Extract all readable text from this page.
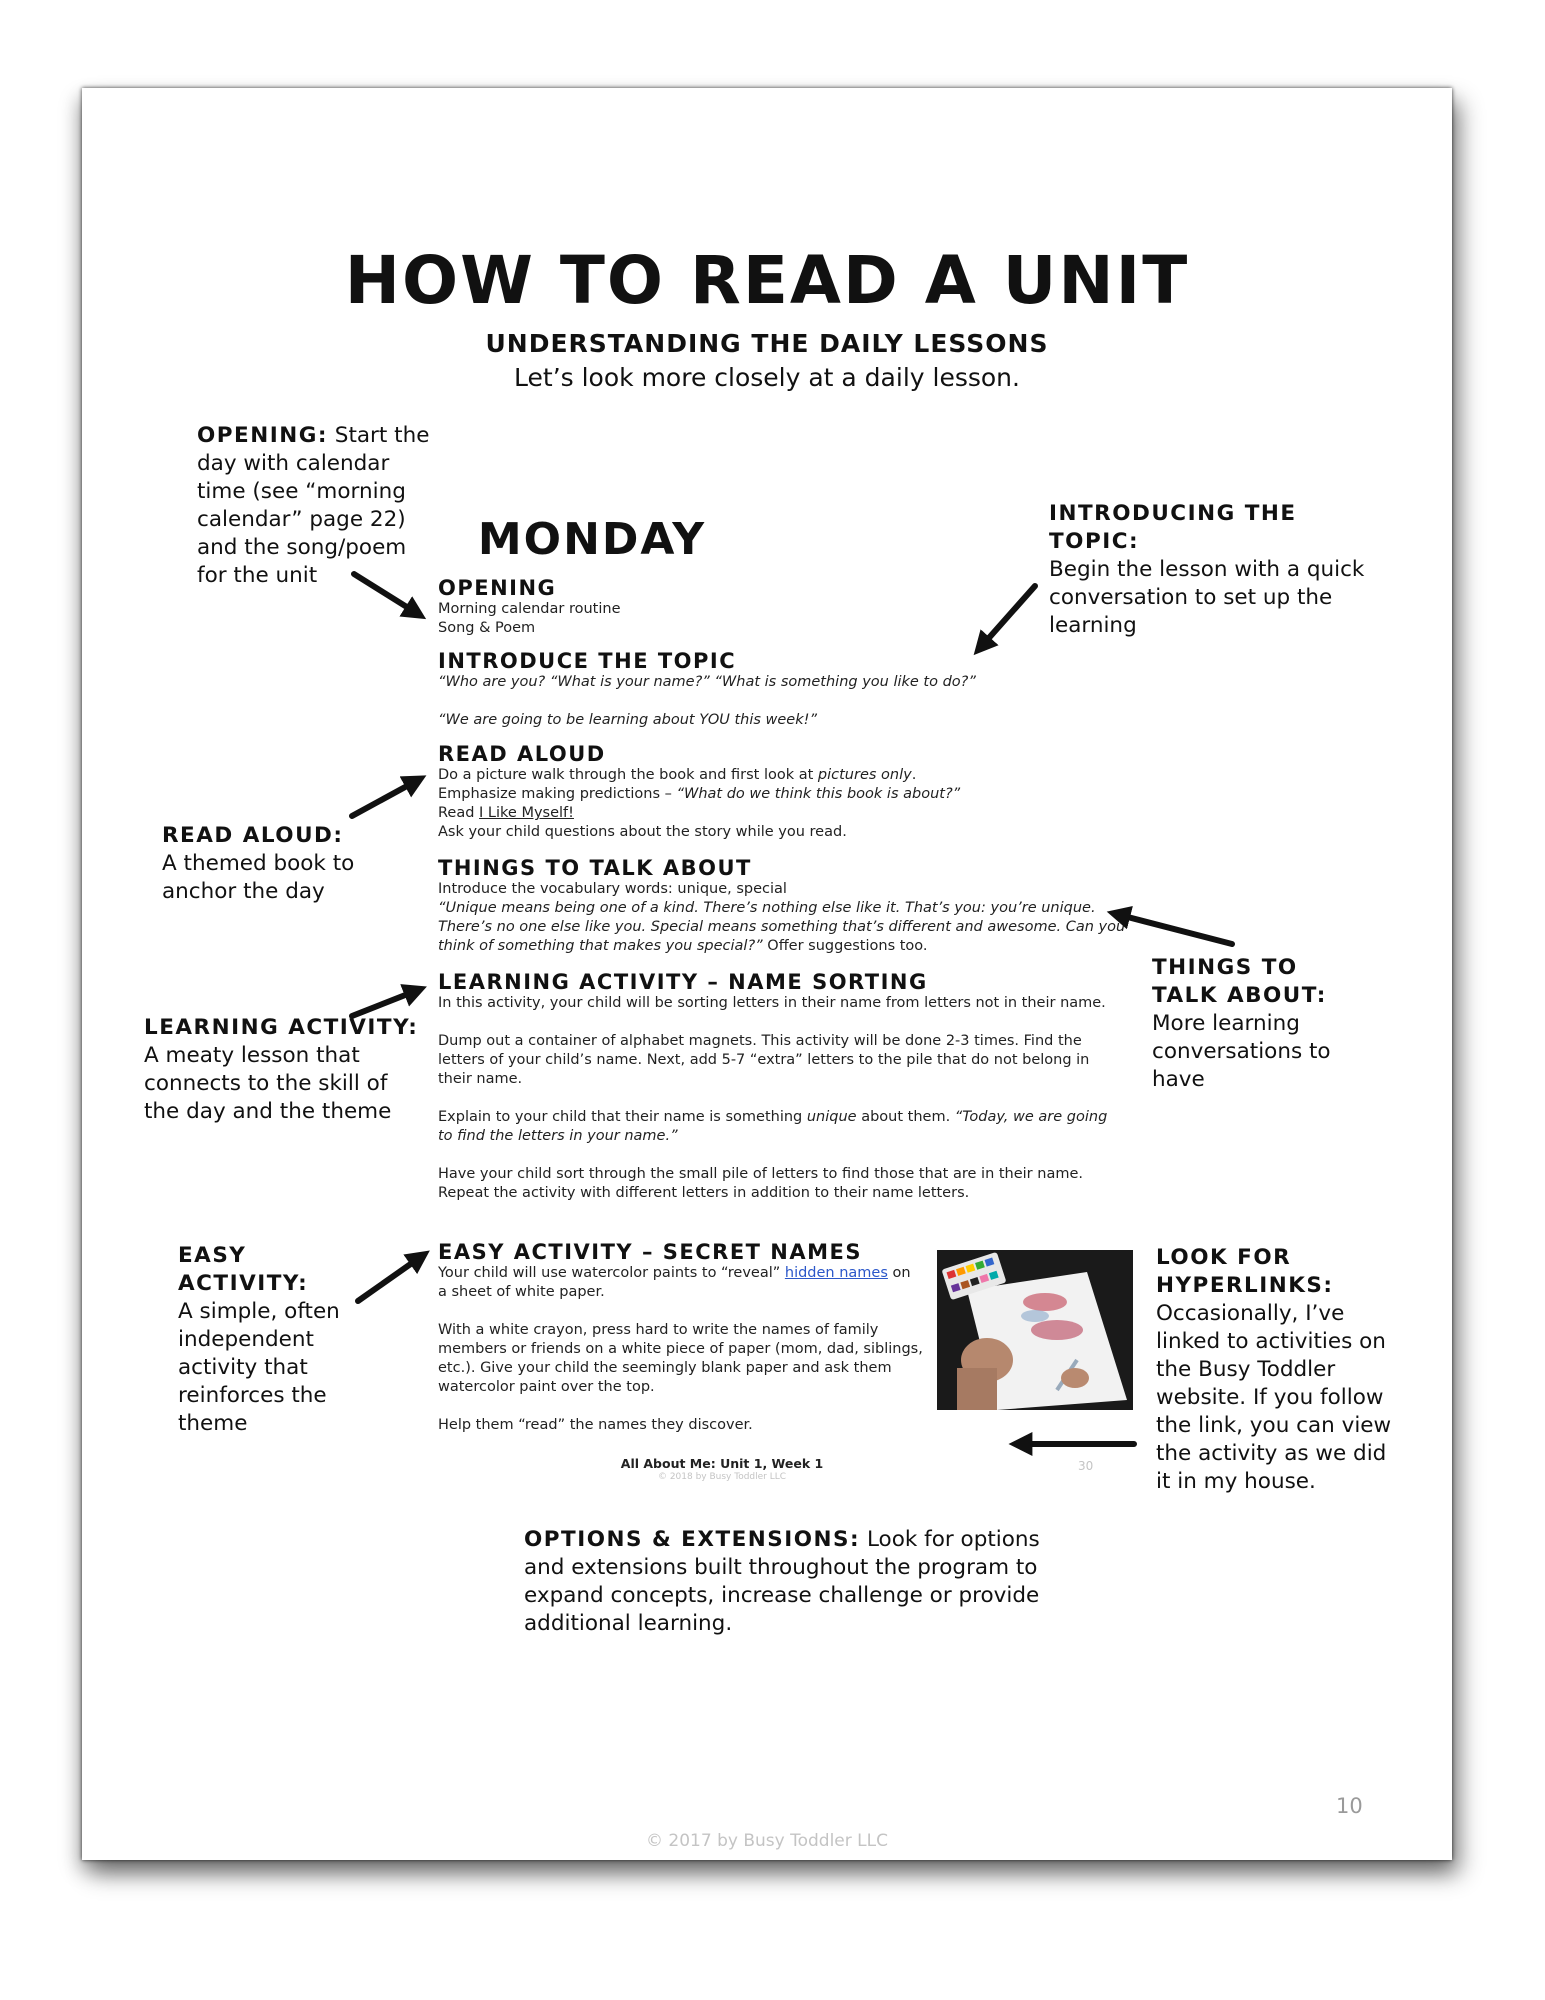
HOW TO READ A UNIT
UNDERSTANDING THE DAILY LESSONS
Let’s look more closely at a daily lesson.
OPENING: Start the day with calendar time (see “morning calendar” page 22) and the song/poem for the unit
INTRODUCING THE TOPIC:
Begin the lesson with a quick conversation to set up the learning
READ ALOUD: A themed book to anchor the day
THINGS TO TALK ABOUT:
More learning conversations to have
LEARNING ACTIVITY:
A meaty lesson that connects to the skill of the day and the theme
EASY ACTIVITY:
A simple, often independent activity that reinforces the theme
LOOK FOR HYPERLINKS:
Occasionally, I’ve linked to activities on the Busy Toddler website. If you follow the link, you can view the activity as we did it in my house.
OPTIONS & EXTENSIONS: Look for options and extensions built throughout the program to expand concepts, increase challenge or provide additional learning.
MONDAY
OPENING
Morning calendar routine
Song & Poem
INTRODUCE THE TOPIC
“Who are you? “What is your name?” “What is something you like to do?”
“We are going to be learning about YOU this week!”
READ ALOUD
Do a picture walk through the book and first look at pictures only.
Emphasize making predictions – “What do we think this book is about?”
Read I Like Myself!
Ask your child questions about the story while you read.
THINGS TO TALK ABOUT
Introduce the vocabulary words: unique, special
“Unique means being one of a kind. There’s nothing else like it. That’s you: you’re unique. There’s no one else like you. Special means something that’s different and awesome. Can you think of something that makes you special?” Offer suggestions too.
LEARNING ACTIVITY – NAME SORTING
In this activity, your child will be sorting letters in their name from letters not in their name.
Dump out a container of alphabet magnets. This activity will be done 2-3 times. Find the letters of your child’s name. Next, add 5-7 “extra” letters to the pile that do not belong in their name.
Explain to your child that their name is something unique about them. “Today, we are going to find the letters in your name.”
Have your child sort through the small pile of letters to find those that are in their name. Repeat the activity with different letters in addition to their name letters.
EASY ACTIVITY – SECRET NAMES
Your child will use watercolor paints to “reveal” hidden names on a sheet of white paper.
With a white crayon, press hard to write the names of family members or friends on a white piece of paper (mom, dad, siblings, etc.). Give your child the seemingly blank paper and ask them watercolor paint over the top.
Help them “read” the names they discover.
All About Me: Unit 1, Week 1
© 2018 by Busy Toddler LLC
30
10
© 2017 by Busy Toddler LLC
